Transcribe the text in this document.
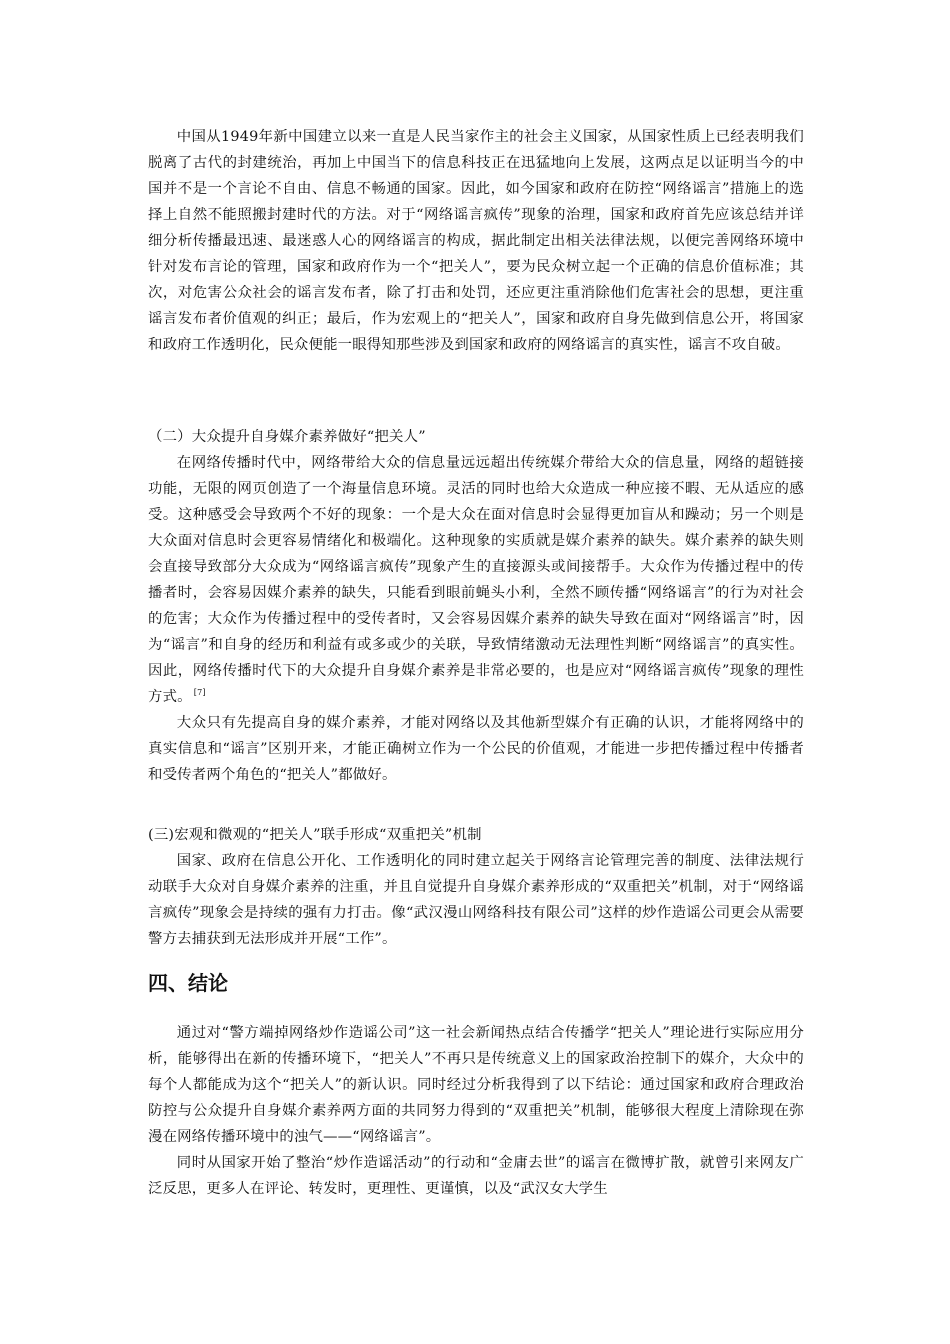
中国从1949年新中国建立以来一直是人民当家作主的社会主义国家，从国家性质上已经表明我们脱离了古代的封建统治，再加上中国当下的信息科技正在迅猛地向上发展，这两点足以证明当今的中国并不是一个言论不自由、信息不畅通的国家。因此，如今国家和政府在防控“网络谣言”措施上的选择上自然不能照搬封建时代的方法。对于“网络谣言疯传”现象的治理，国家和政府首先应该总结并详细分析传播最迅速、最迷惑人心的网络谣言的构成，据此制定出相关法律法规，以便完善网络环境中针对发布言论的管理，国家和政府作为一个“把关人”，要为民众树立起一个正确的信息价值标准；其次，对危害公众社会的谣言发布者，除了打击和处罚，还应更注重消除他们危害社会的思想，更注重谣言发布者价值观的纠正；最后，作为宏观上的“把关人”，国家和政府自身先做到信息公开，将国家和政府工作透明化，民众便能一眼得知那些涉及到国家和政府的网络谣言的真实性，谣言不攻自破。

（二）大众提升自身媒介素养做好“把关人”

在网络传播时代中，网络带给大众的信息量远远超出传统媒介带给大众的信息量，网络的超链接功能，无限的网页创造了一个海量信息环境。灵活的同时也给大众造成一种应接不暇、无从适应的感受。这种感受会导致两个不好的现象：一个是大众在面对信息时会显得更加盲从和躁动；另一个则是大众面对信息时会更容易情绪化和极端化。这种现象的实质就是媒介素养的缺失。媒介素养的缺失则会直接导致部分大众成为“网络谣言疯传”现象产生的直接源头或间接帮手。大众作为传播过程中的传播者时，会容易因媒介素养的缺失，只能看到眼前蝇头小利，全然不顾传播“网络谣言”的行为对社会的危害；大众作为传播过程中的受传者时，又会容易因媒介素养的缺失导致在面对“网络谣言”时，因为“谣言”和自身的经历和利益有或多或少的关联，导致情绪激动无法理性判断“网络谣言”的真实性。因此，网络传播时代下的大众提升自身媒介素养是非常必要的，也是应对“网络谣言疯传”现象的理性方式。 [7]

大众只有先提高自身的媒介素养，才能对网络以及其他新型媒介有正确的认识，才能将网络中的真实信息和“谣言”区别开来，才能正确树立作为一个公民的价值观，才能进一步把传播过程中传播者和受传者两个角色的“把关人”都做好。

(三)宏观和微观的“把关人”联手形成“双重把关”机制

国家、政府在信息公开化、工作透明化的同时建立起关于网络言论管理完善的制度、法律法规行动联手大众对自身媒介素养的注重，并且自觉提升自身媒介素养形成的“双重把关”机制，对于“网络谣言疯传”现象会是持续的强有力打击。像“武汉漫山网络科技有限公司”这样的炒作造谣公司更会从需要警方去捕获到无法形成并开展“工作”。

四、结论

通过对“警方端掉网络炒作造谣公司”这一社会新闻热点结合传播学“把关人”理论进行实际应用分析，能够得出在新的传播环境下，“把关人”不再只是传统意义上的国家政治控制下的媒介，大众中的每个人都能成为这个“把关人”的新认识。同时经过分析我得到了以下结论：通过国家和政府合理政治防控与公众提升自身媒介素养两方面的共同努力得到的“双重把关”机制，能够很大程度上清除现在弥漫在网络传播环境中的浊气——“网络谣言”。

同时从国家开始了整治“炒作造谣活动”的行动和“金庸去世”的谣言在微博扩散，就曾引来网友广泛反思，更多人在评论、转发时，更理性、更谨慎，以及“武汉女大学生
